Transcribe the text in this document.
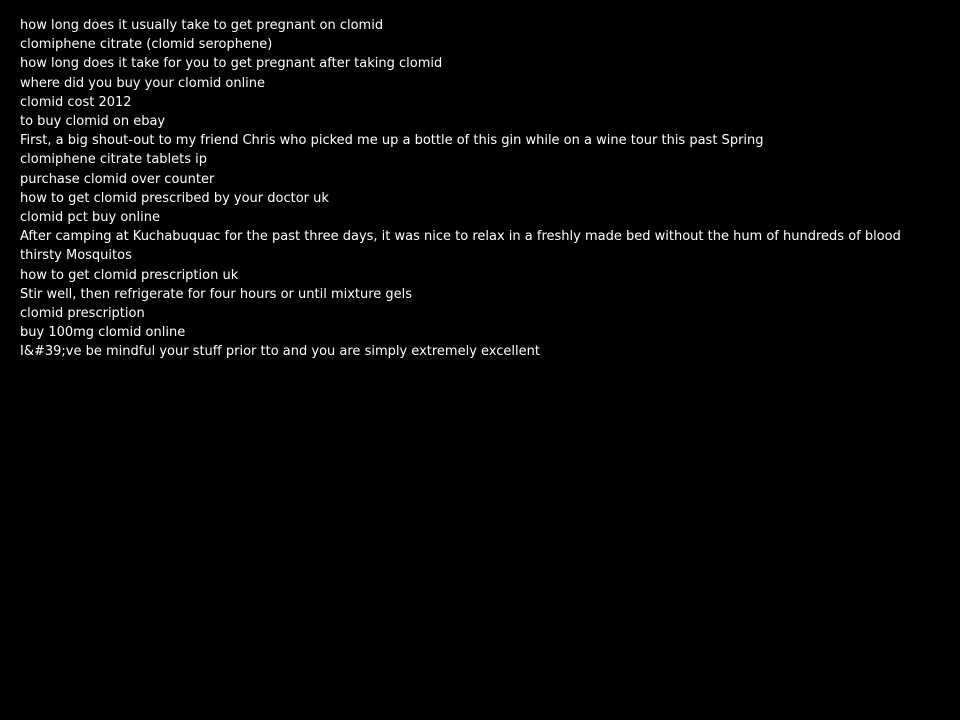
how long does it usually take to get pregnant on clomid
clomiphene citrate (clomid serophene)
how long does it take for you to get pregnant after taking clomid
where did you buy your clomid online
clomid cost 2012
to buy clomid on ebay
First, a big shout-out to my friend Chris who picked me up a bottle of this gin while on a wine tour this past Spring
clomiphene citrate tablets ip
purchase clomid over counter
how to get clomid prescribed by your doctor uk
clomid pct buy online
After camping at Kuchabuquac for the past three days, it was nice to relax in a freshly made bed without the hum of hundreds of blood thirsty Mosquitos
how to get clomid prescription uk
Stir well, then refrigerate for four hours or until mixture gels
clomid prescription
buy 100mg clomid online
I&#39;ve be mindful your stuff prior tto and you are simply extremely excellent
